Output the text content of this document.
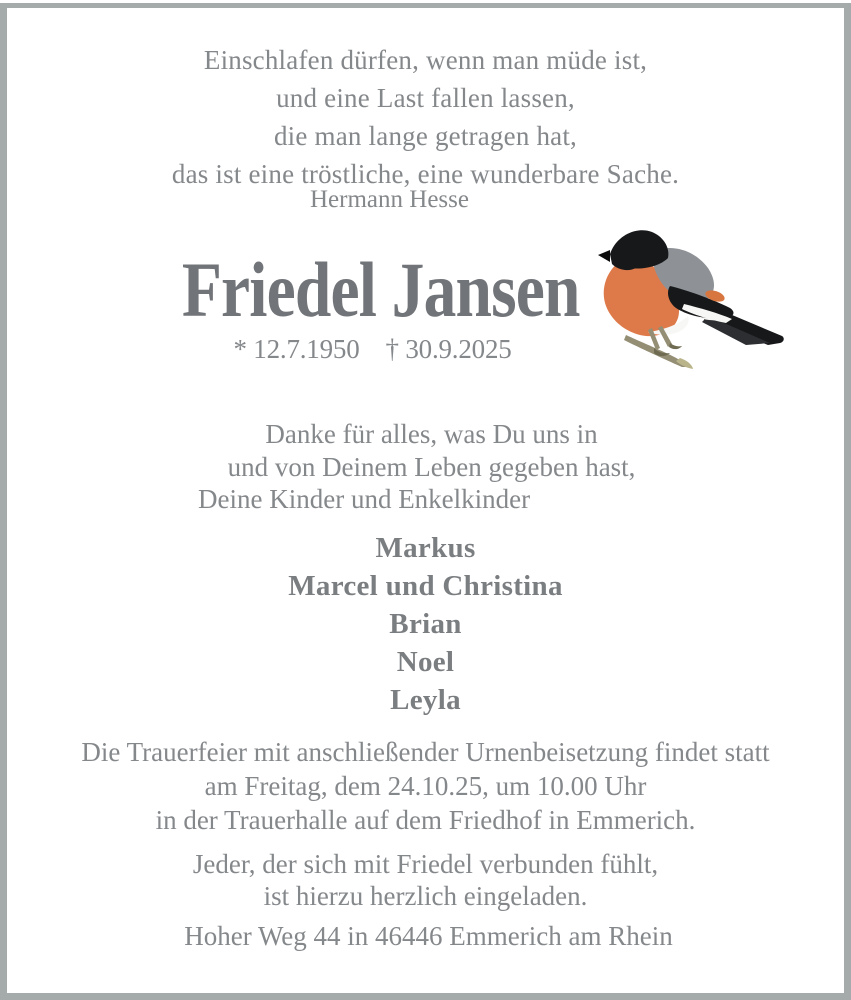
Einschlafen dürfen, wenn man müde ist,
und eine Last fallen lassen,
die man lange getragen hat,
das ist eine tröstliche, eine wunderbare Sache.
Hermann Hesse
Friedel Jansen
* 12.7.1950 † 30.9.2025
Danke für alles, was Du uns in
und von Deinem Leben gegeben hast,
Deine Kinder und Enkelkinder
Markus
Marcel und Christina
Brian
Noel
Leyla
Die Trauerfeier mit anschließender Urnenbeisetzung findet statt
am Freitag, dem 24.10.25, um 10.00 Uhr
in der Trauerhalle auf dem Friedhof in Emmerich.
Jeder, der sich mit Friedel verbunden fühlt,
ist hierzu herzlich eingeladen.
Hoher Weg 44 in 46446 Emmerich am Rhein
